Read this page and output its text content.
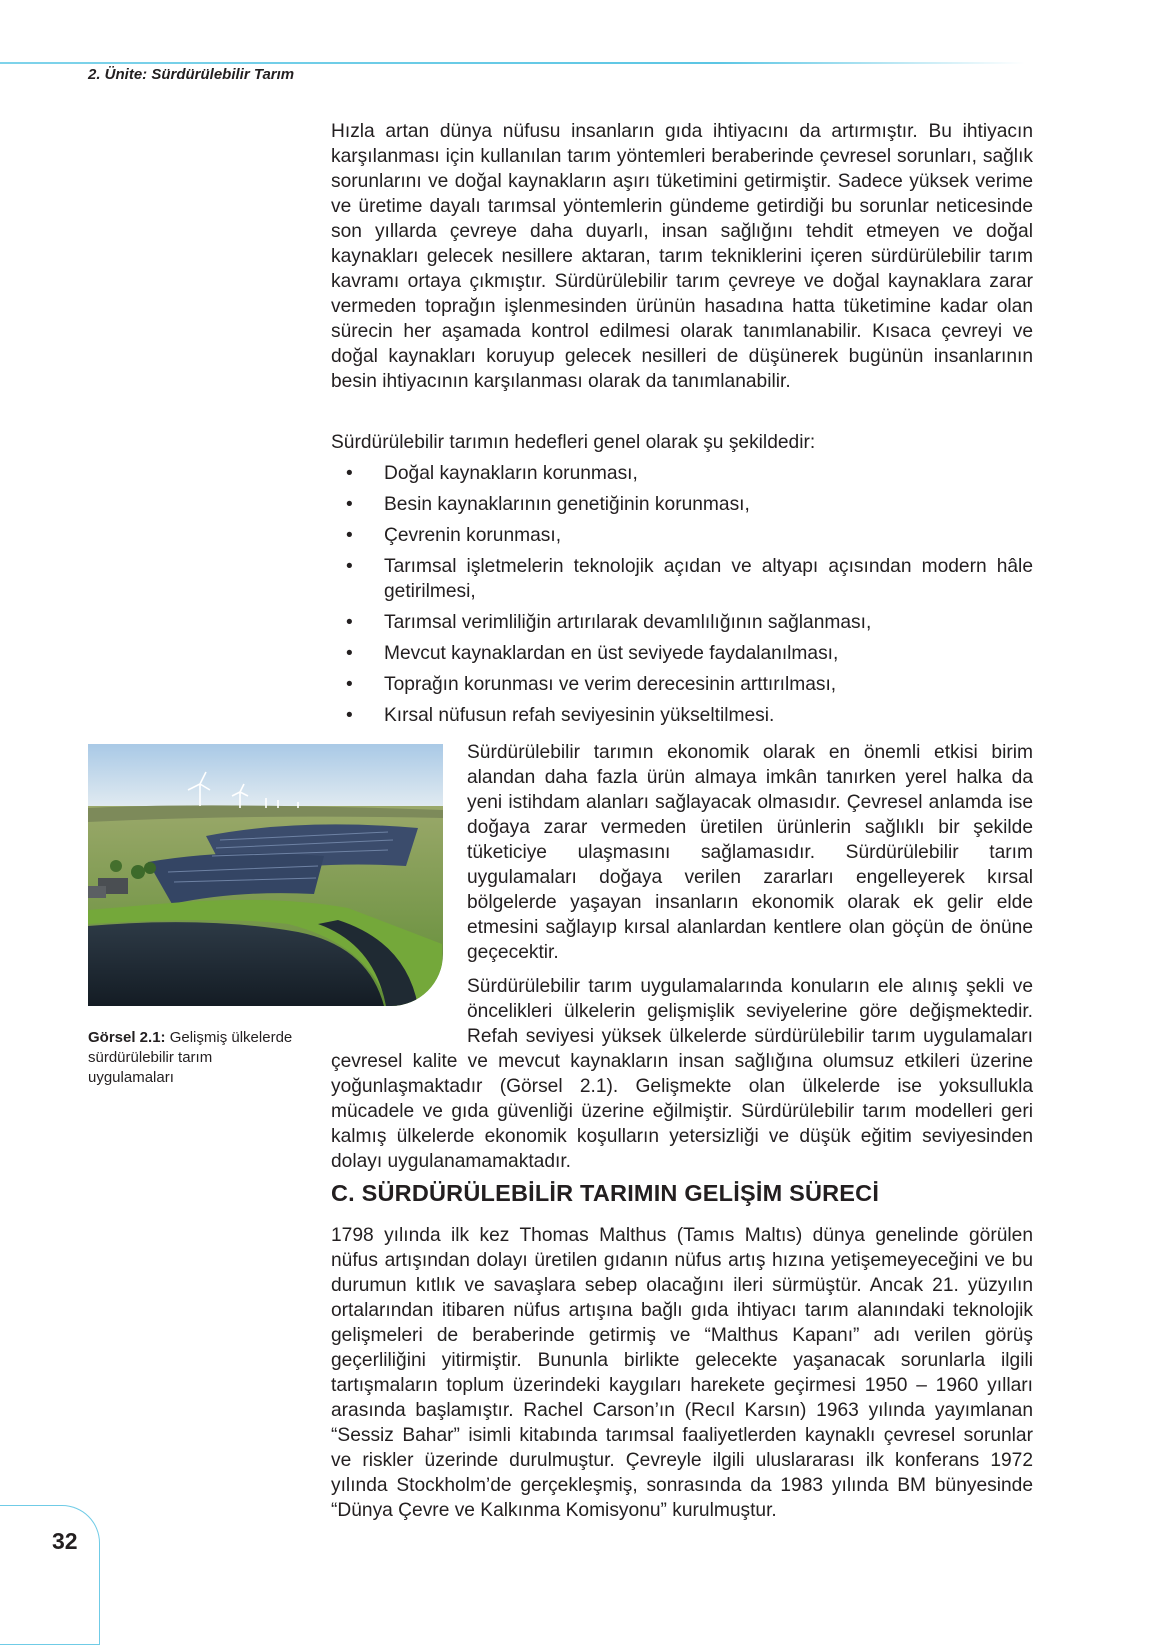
2. Ünite: Sürdürülebilir Tarım

Hızla artan dünya nüfusu insanların gıda ihtiyacını da artırmıştır. Bu ihtiyacın karşılanması için kullanılan tarım yöntemleri beraberinde çevresel sorunları, sağlık sorunlarını ve doğal kaynakların aşırı tüketimini getirmiştir. Sadece yüksek verime ve üretime dayalı tarımsal yöntemlerin gündeme getirdiği bu sorunlar neticesinde son yıllarda çevreye daha duyarlı, insan sağlığını tehdit etmeyen ve doğal kaynakları gelecek nesillere aktaran, tarım tekniklerini içeren sürdürülebilir tarım kavramı ortaya çıkmıştır. Sürdürülebilir tarım çevreye ve doğal kaynaklara zarar vermeden toprağın işlenmesinden ürünün hasadına hatta tüketimine kadar olan sürecin her aşamada kontrol edilmesi olarak tanımlanabilir. Kısaca çevreyi ve doğal kaynakları koruyup gelecek nesilleri de düşünerek bugünün insanlarının besin ihtiyacının karşılanması olarak da tanımlanabilir.

Sürdürülebilir tarımın hedefleri genel olarak şu şekildedir:

• Doğal kaynakların korunması,
• Besin kaynaklarının genetiğinin korunması,
• Çevrenin korunması,
• Tarımsal işletmelerin teknolojik açıdan ve altyapı açısından modern hâle getirilmesi,
• Tarımsal verimliliğin artırılarak devamlılığının sağlanması,
• Mevcut kaynaklardan en üst seviyede faydalanılması,
• Toprağın korunması ve verim derecesinin arttırılması,
• Kırsal nüfusun refah seviyesinin yükseltilmesi.
Görsel 2.1: Gelişmiş ülkelerde sürdürülebilir tarım uygulamaları

Sürdürülebilir tarımın ekonomik olarak en önemli etkisi birim alandan daha fazla ürün almaya imkân tanırken yerel halka da yeni istihdam alanları sağlayacak olmasıdır. Çevresel anlamda ise doğaya zarar vermeden üretilen ürünlerin sağlıklı bir şekilde tüketiciye ulaşmasını sağlamasıdır. Sürdürülebilir tarım uygulamaları doğaya verilen zararları engelleyerek kırsal bölgelerde yaşayan insanların ekonomik olarak ek gelir elde etmesini sağlayıp kırsal alanlardan kentlere olan göçün de önüne geçecektir.

Sürdürülebilir tarım uygulamalarında konuların ele alınış şekli ve öncelikleri ülkelerin gelişmişlik seviyelerine göre değişmektedir. Refah seviyesi yüksek ülkelerde sürdürülebilir tarım uygulamaları çevresel kalite ve mevcut kaynakların insan sağlığına olumsuz etkileri üzerine yoğunlaşmaktadır (Görsel 2.1). Gelişmekte olan ülkelerde ise yoksullukla mücadele ve gıda güvenliği üzerine eğilmiştir. Sürdürülebilir tarım modelleri geri kalmış ülkelerde ekonomik koşulların yetersizliği ve düşük eğitim seviyesinden dolayı uygulanamamaktadır.

C. SÜRDÜRÜLEBİLİR TARIMIN GELİŞİM SÜRECİ

1798 yılında ilk kez Thomas Malthus (Tamıs Maltıs) dünya genelinde görülen nüfus artışından dolayı üretilen gıdanın nüfus artış hızına yetişemeyeceğini ve bu durumun kıtlık ve savaşlara sebep olacağını ileri sürmüştür. Ancak 21. yüzyılın ortalarından itibaren nüfus artışına bağlı gıda ihtiyacı tarım alanındaki teknolojik gelişmeleri de beraberinde getirmiş ve “Malthus Kapanı” adı verilen görüş geçerliliğini yitirmiştir. Bununla birlikte gelecekte yaşanacak sorunlarla ilgili tartışmaların toplum üzerindeki kaygıları harekete geçirmesi 1950 – 1960 yılları arasında başlamıştır. Rachel Carson’ın (Recıl Karsın) 1963 yılında yayımlanan “Sessiz Bahar” isimli kitabında tarımsal faaliyetlerden kaynaklı çevresel sorunlar ve riskler üzerinde durulmuştur. Çevreyle ilgili uluslararası ilk konferans 1972 yılında Stockholm’de gerçekleşmiş, sonrasında da 1983 yılında BM bünyesinde “Dünya Çevre ve Kalkınma Komisyonu” kurulmuştur.

32
